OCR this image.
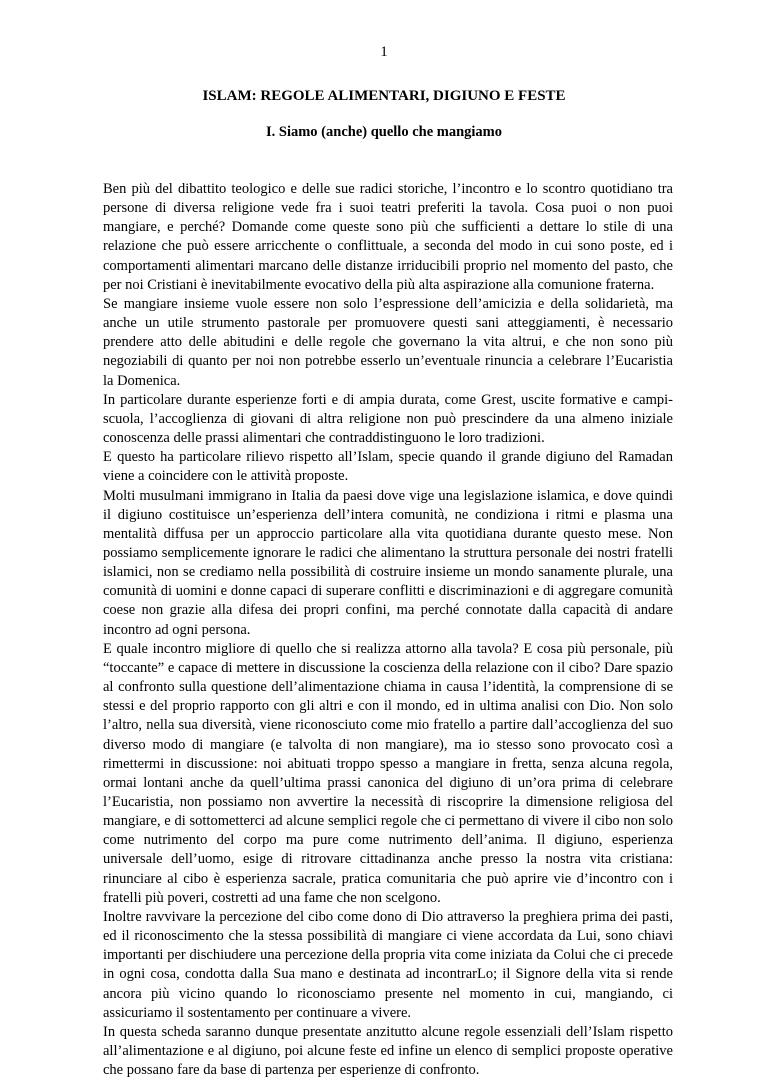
1
ISLAM: REGOLE ALIMENTARI, DIGIUNO E FESTE
I. Siamo (anche) quello che mangiamo

Ben più del dibattito teologico e delle sue radici storiche, l’incontro e lo scontro quotidiano tra persone di diversa religione vede fra i suoi teatri preferiti la tavola. Cosa puoi o non puoi mangiare, e perché? Domande come queste sono più che sufficienti a dettare lo stile di una relazione che può essere arricchente o conflittuale, a seconda del modo in cui sono poste, ed i comportamenti alimentari marcano delle distanze irriducibili proprio nel momento del pasto, che per noi Cristiani è inevitabilmente evocativo della più alta aspirazione alla comunione fraterna.

Se mangiare insieme vuole essere non solo l’espressione dell’amicizia e della solidarietà, ma anche un utile strumento pastorale per promuovere questi sani atteggiamenti, è necessario prendere atto delle abitudini e delle regole che governano la vita altrui, e che non sono più negoziabili di quanto per noi non potrebbe esserlo un’eventuale rinuncia a celebrare l’Eucaristia la Domenica.

In particolare durante esperienze forti e di ampia durata, come Grest, uscite formative e campi-scuola, l’accoglienza di giovani di altra religione non può prescindere da una almeno iniziale conoscenza delle prassi alimentari che contraddistinguono le loro tradizioni.

E questo ha particolare rilievo rispetto all’Islam, specie quando il grande digiuno del Ramadan viene a coincidere con le attività proposte.

Molti musulmani immigrano in Italia da paesi dove vige una legislazione islamica, e dove quindi il digiuno costituisce un’esperienza dell’intera comunità, ne condiziona i ritmi e plasma una mentalità diffusa per un approccio particolare alla vita quotidiana durante questo mese. Non possiamo semplicemente ignorare le radici che alimentano la struttura personale dei nostri fratelli islamici, non se crediamo nella possibilità di costruire insieme un mondo sanamente plurale, una comunità di uomini e donne capaci di superare conflitti e discriminazioni e di aggregare comunità coese non grazie alla difesa dei propri confini, ma perché connotate dalla capacità di andare incontro ad ogni persona.

E quale incontro migliore di quello che si realizza attorno alla tavola? E cosa più personale, più “toccante” e capace di mettere in discussione la coscienza della relazione con il cibo? Dare spazio al confronto sulla questione dell’alimentazione chiama in causa l’identità, la comprensione di se stessi e del proprio rapporto con gli altri e con il mondo, ed in ultima analisi con Dio. Non solo l’altro, nella sua diversità, viene riconosciuto come mio fratello a partire dall’accoglienza del suo diverso modo di mangiare (e talvolta di non mangiare), ma io stesso sono provocato così a rimettermi in discussione: noi abituati troppo spesso a mangiare in fretta, senza alcuna regola, ormai lontani anche da quell’ultima prassi canonica del digiuno di un’ora prima di celebrare l’Eucaristia, non possiamo non avvertire la necessità di riscoprire la dimensione religiosa del mangiare, e di sottometterci ad alcune semplici regole che ci permettano di vivere il cibo non solo come nutrimento del corpo ma pure come nutrimento dell’anima. Il digiuno, esperienza universale dell’uomo, esige di ritrovare cittadinanza anche presso la nostra vita cristiana: rinunciare al cibo è esperienza sacrale, pratica comunitaria che può aprire vie d’incontro con i fratelli più poveri, costretti ad una fame che non scelgono.

Inoltre ravvivare la percezione del cibo come dono di Dio attraverso la preghiera prima dei pasti, ed il riconoscimento che la stessa possibilità di mangiare ci viene accordata da Lui, sono chiavi importanti per dischiudere una percezione della propria vita come iniziata da Colui che ci precede in ogni cosa, condotta dalla Sua mano e destinata ad incontrarLo; il Signore della vita si rende ancora più vicino quando lo riconosciamo presente nel momento in cui, mangiando, ci assicuriamo il sostentamento per continuare a vivere.

In questa scheda saranno dunque presentate anzitutto alcune regole essenziali dell’Islam rispetto all’alimentazione e al digiuno, poi alcune feste ed infine un elenco di semplici proposte operative che possano fare da base di partenza per esperienze di confronto.
